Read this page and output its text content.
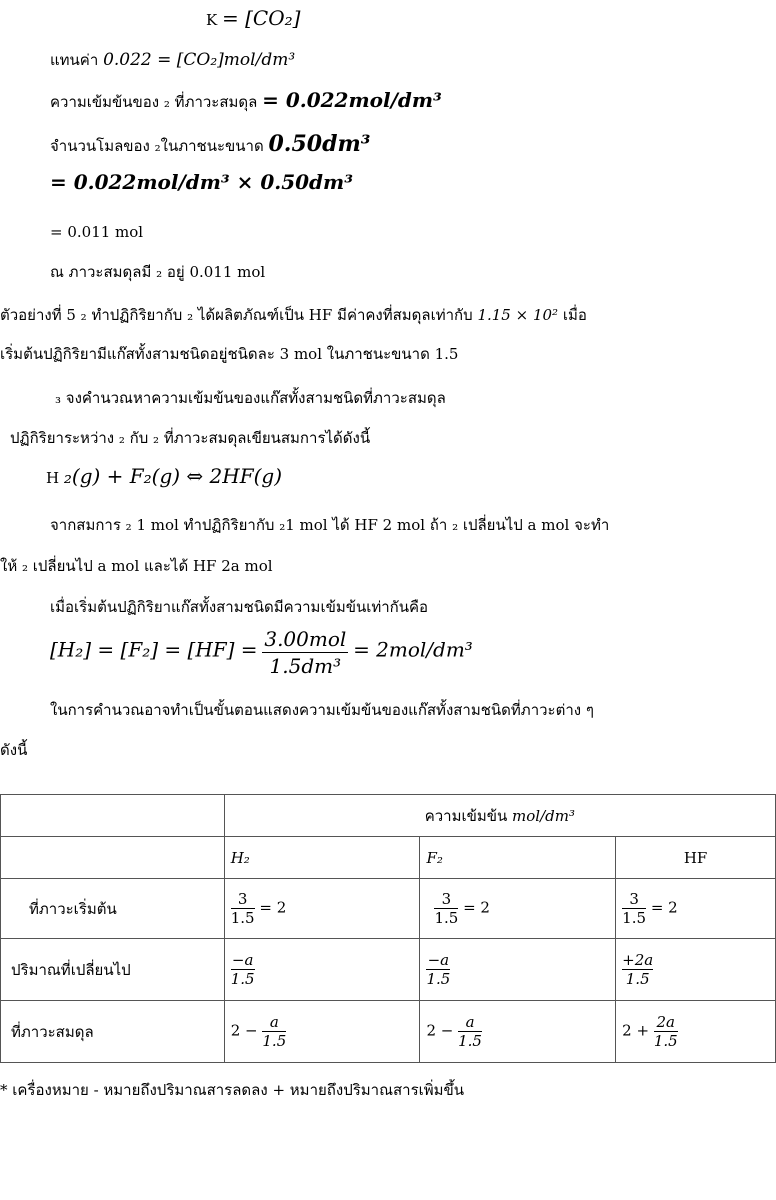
K = [CO₂]
แทนค่า 0.022 = [CO₂]mol/dm³
ความเข้มข้นของ ₂ ที่ภาวะสมดุล = 0.022mol/dm³
จำนวนโมลของ ₂ในภาชนะขนาด 0.50dm³
= 0.022mol/dm³ × 0.50dm³
= 0.011 mol
ณ ภาวะสมดุลมี ₂ อยู่ 0.011 mol
ตัวอย่างที่ 5 ₂ ทำปฏิกิริยากับ ₂ ได้ผลิตภัณฑ์เป็น HF มีค่าคงที่สมดุลเท่ากับ 1.15 × 10² เมื่อ
เริ่มต้นปฏิกิริยามีแก๊สทั้งสามชนิดอยู่ชนิดละ 3 mol ในภาชนะขนาด 1.5
₃ จงคำนวณหาความเข้มข้นของแก๊สทั้งสามชนิดที่ภาวะสมดุล
ปฏิกิริยาระหว่าง ₂ กับ ₂ ที่ภาวะสมดุลเขียนสมการได้ดังนี้
H ₂(g) + F₂(g) ⇔ 2HF(g)
จากสมการ ₂ 1 mol ทำปฏิกิริยากับ ₂1 mol ได้ HF 2 mol ถ้า ₂ เปลี่ยนไป a mol จะทำ
ให้ ₂ เปลี่ยนไป a mol และได้ HF 2a mol
เมื่อเริ่มต้นปฏิกิริยาแก๊สทั้งสามชนิดมีความเข้มข้นเท่ากันคือ
$[H_2] = [F_2] = [HF] = \frac{\text{3.00mol}}{\text{1.5dm³}} = 2mol/dm^3$
ในการคำนวณอาจทำเป็นขั้นตอนแสดงความเข้มข้นของแก๊สทั้งสามชนิดที่ภาวะต่าง ๆ
ดังนี้
	ความเข้มข้น mol/dm³		
	H₂	F₂	HF
ที่ภาวะเริ่มต้น	$\frac{3}{1.5} = 2$	$\frac{3}{1.5} = 2$	$\frac{3}{1.5} = 2$
ปริมาณที่เปลี่ยนไป	$\frac{-a}{1.5}$	$\frac{-a}{1.5}$	$\frac{+2a}{1.5}$

ที่ภาวะสมดุล	$2 - \frac{a}{1.5}$	$2 - \frac{a}{1.5}$	$2 + \frac{2a}{1.5}$
* เครื่องหมาย - หมายถึงปริมาณสารลดลง + หมายถึงปริมาณสารเพิ่มขึ้น
